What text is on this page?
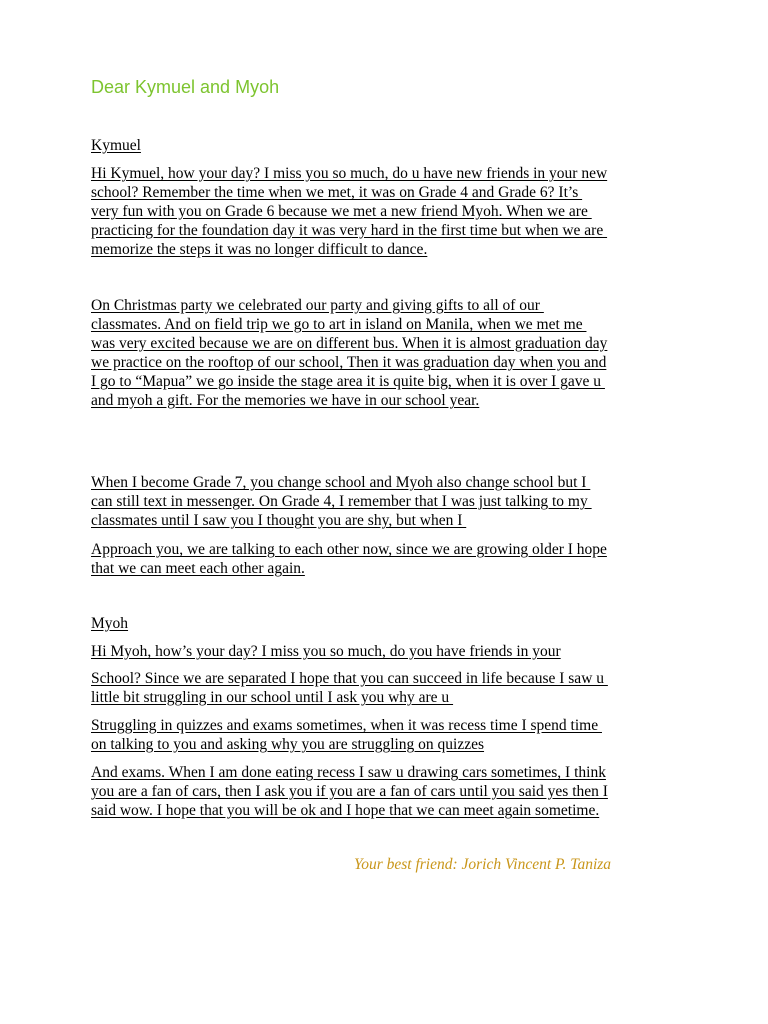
Dear Kymuel and Myoh
Kymuel
Hi Kymuel, how your day? I miss you so much, do u have new friends in your new
school? Remember the time when we met, it was on Grade 4 and Grade 6? It’s
very fun with you on Grade 6 because we met a new friend Myoh. When we are
practicing for the foundation day it was very hard in the first time but when we are
memorize the steps it was no longer difficult to dance.
On Christmas party we celebrated our party and giving gifts to all of our
classmates. And on field trip we go to art in island on Manila, when we met me
was very excited because we are on different bus. When it is almost graduation day
we practice on the rooftop of our school, Then it was graduation day when you and
I go to “Mapua” we go inside the stage area it is quite big, when it is over I gave u
and myoh a gift. For the memories we have in our school year.
When I become Grade 7, you change school and Myoh also change school but I
can still text in messenger. On Grade 4, I remember that I was just talking to my
classmates until I saw you I thought you are shy, but when I
Approach you, we are talking to each other now, since we are growing older I hope
that we can meet each other again.
Myoh
Hi Myoh, how’s your day? I miss you so much, do you have friends in your
School? Since we are separated I hope that you can succeed in life because I saw u
little bit struggling in our school until I ask you why are u
Struggling in quizzes and exams sometimes, when it was recess time I spend time
on talking to you and asking why you are struggling on quizzes
And exams. When I am done eating recess I saw u drawing cars sometimes, I think
you are a fan of cars, then I ask you if you are a fan of cars until you said yes then I
said wow. I hope that you will be ok and I hope that we can meet again sometime.
Your best friend: Jorich Vincent P. Taniza
